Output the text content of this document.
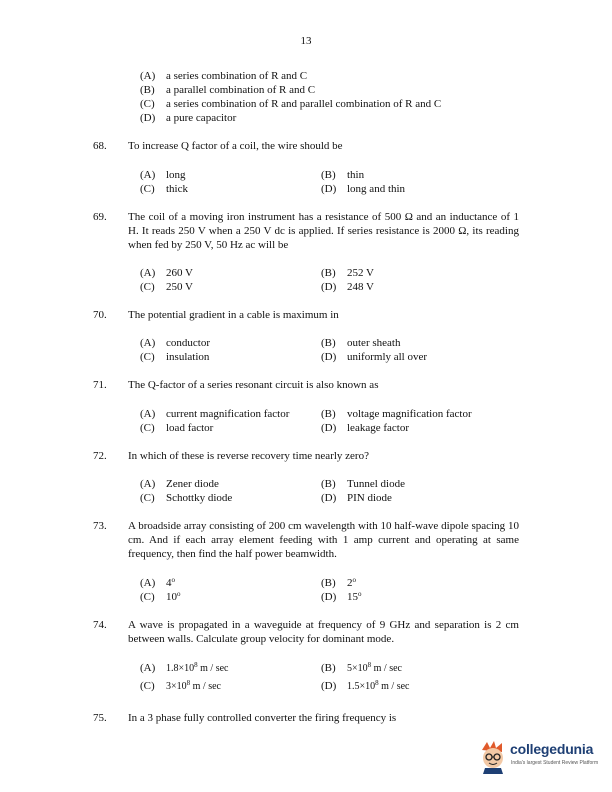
13
(A) a series combination of R and C
(B) a parallel combination of R and C
(C) a series combination of R and parallel combination of R and C
(D) a pure capacitor
68. To increase Q factor of a coil, the wire should be
(A) long	(B) thin
(C) thick	(D) long and thin
69. The coil of a moving iron instrument has a resistance of 500 Ω and an inductance of 1 H. It reads 250 V when a 250 V dc is applied. If series resistance is 2000 Ω, its reading when fed by 250 V, 50 Hz ac will be
(A) 260 V	(B) 252 V
(C) 250 V	(D) 248 V
70. The potential gradient in a cable is maximum in
(A) conductor	(B) outer sheath
(C) insulation	(D) uniformly all over
71. The Q-factor of a series resonant circuit is also known as
(A) current magnification factor	(B) voltage magnification factor
(C) load factor	(D) leakage factor
72. In which of these is reverse recovery time nearly zero?
(A) Zener diode	(B) Tunnel diode
(C) Schottky diode	(D) PIN diode
73. A broadside array consisting of 200 cm wavelength with 10 half-wave dipole spacing 10 cm. And if each array element feeding with 1 amp current and operating at same frequency, then find the half power beamwidth.
(A) 4$^o$	(B) 2$^o$
(C) 10$^o$	(D) 15$^o$
74. A wave is propagated in a waveguide at frequency of 9 GHz and separation is 2 cm between walls. Calculate group velocity for dominant mode.
(A) $1.8\times 10^8$ m / sec	(B) $5\times 10^8$ m / sec
(C) $3\times 10^8$ m / sec	(D) $1.5\times 10^8$ m / sec
75. In a 3 phase fully controlled converter the firing frequency is
collegedunia
India's largest Student Review Platform
